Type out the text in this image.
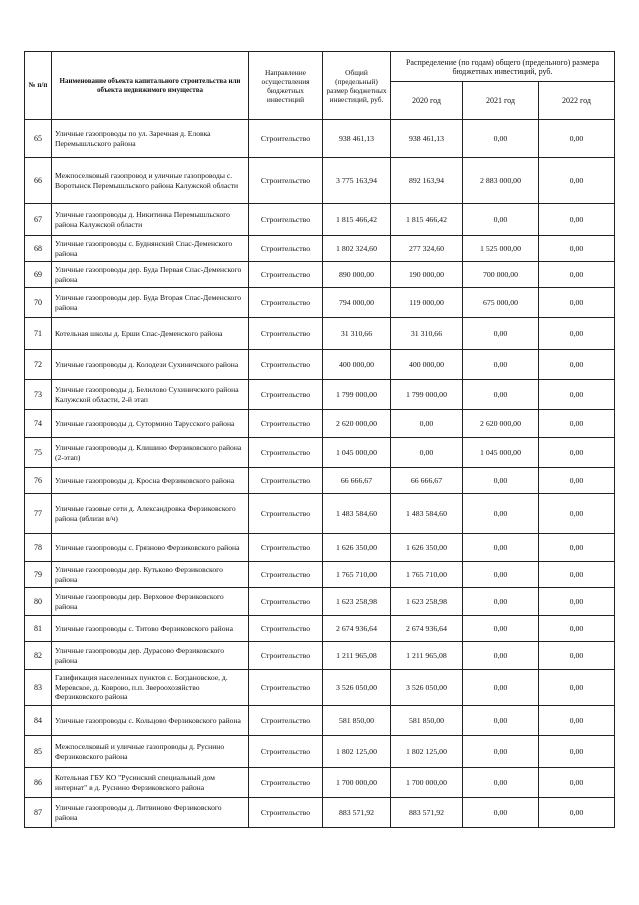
№ п/п	Наименование объекта капитального строительства или объекта недвижимого имущества	Направление осуществления бюджетных инвестиций	Общий (предельный) размер бюджетных инвестиций, руб.	Распределение (по годам) общего (предельного) размера бюджетных инвестиций, руб.		
				2020 год	2021 год	2022 год
65	Уличные газопроводы по ул. Заречная д. Еловка Перемышльского района	Строительство	938 461,13	938 461,13	0,00	0,00
66	Межпоселковый газопровод и уличные газопроводы с. Воротынск Перемышльского района Калужской области	Строительство	3 775 163,94	892 163,94	2 883 000,00	0,00
67	Уличные газопроводы д. Никитинка Перемышльского района Калужской области	Строительство	1 815 466,42	1 815 466,42	0,00	0,00
68	Уличные газопроводы с. Буднянский Спас-Деменского района	Строительство	1 802 324,60	277 324,60	1 525 000,00	0,00
69	Уличные газопроводы дер. Буда Первая Спас-Деменского района	Строительство	890 000,00	190 000,00	700 000,00	0,00
70	Уличные газопроводы дер. Буда Вторая Спас-Деменского района	Строительство	794 000,00	119 000,00	675 000,00	0,00
71	Котельная школы д. Ерши Спас-Деменского района	Строительство	31 310,66	31 310,66	0,00	0,00
72	Уличные газопроводы д. Колодези Сухиничского района	Строительство	400 000,00	400 000,00	0,00	0,00
73	Уличные газопроводы д. Белилово Сухиничского района Калужской области, 2-й этап	Строительство	1 799 000,00	1 799 000,00	0,00	0,00
74	Уличные газопроводы д. Сутормино Тарусского района	Строительство	2 620 000,00	0,00	2 620 000,00	0,00
75	Уличные газопроводы д. Клишино Ферзиковского района (2-этап)	Строительство	1 045 000,00	0,00	1 045 000,00	0,00
76	Уличные газопроводы д. Кросна Ферзиковского района	Строительство	66 666,67	66 666,67	0,00	0,00
77	Уличные газовые сети д. Александровка Ферзиковского района (вблизи в/ч)	Строительство	1 483 584,60	1 483 584,60	0,00	0,00
78	Уличные газопроводы с. Грязново Ферзиковского района	Строительство	1 626 350,00	1 626 350,00	0,00	0,00
79	Уличные газопроводы дер. Кутьково Ферзиковского района	Строительство	1 765 710,00	1 765 710,00	0,00	0,00
80	Уличные газопроводы дер. Верховое Ферзиковского района	Строительство	1 623 258,98	1 623 258,98	0,00	0,00
81	Уличные газопроводы с. Титово Ферзиковского района	Строительство	2 674 936,64	2 674 936,64	0,00	0,00
82	Уличные газопроводы дер. Дурасово Ферзиковского района	Строительство	1 211 965,08	1 211 965,08	0,00	0,00
83	Газификация населенных пунктов с. Богдановское, д. Меревское, д. Коврово, п.п. Звероохозяйство Ферзиковского района	Строительство	3 526 050,00	3 526 050,00	0,00	0,00
84	Уличные газопроводы с. Кольцово Ферзиковского района	Строительство	581 850,00	581 850,00	0,00	0,00
85	Межпоселковый и уличные газопроводы д. Руснино Ферзиковского района	Строительство	1 802 125,00	1 802 125,00	0,00	0,00
86	Котельная ГБУ КО "Русинский специальный дом интернат" в д. Руснино Ферзиковского района	Строительство	1 700 000,00	1 700 000,00	0,00	0,00
87	Уличные газопроводы д. Литвиново Ферзиковского района	Строительство	883 571,92	883 571,92	0,00	0,00
